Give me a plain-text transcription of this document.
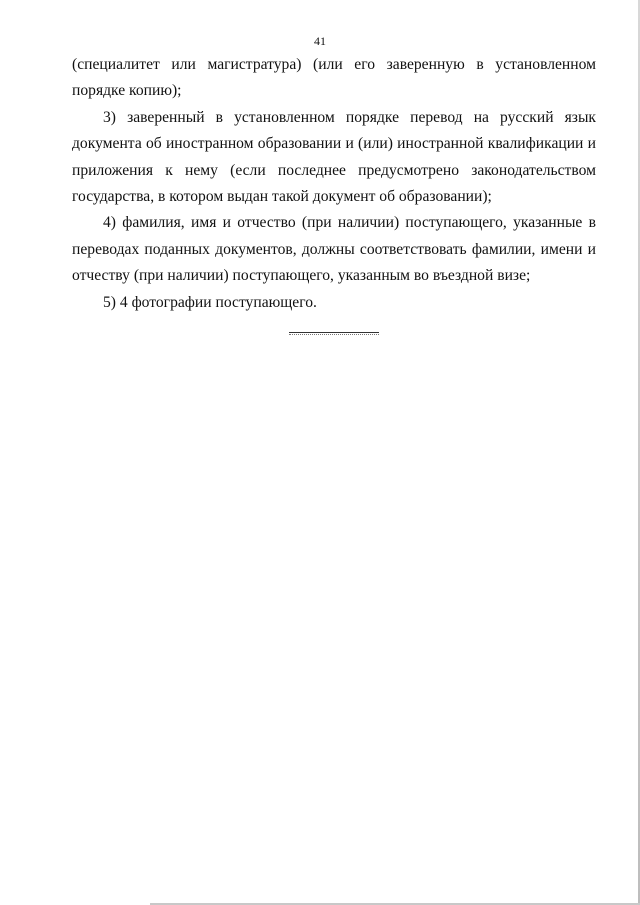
41

(специалитет или магистратура) (или его заверенную в установленном порядке копию);

3) заверенный в установленном порядке перевод на русский язык документа об иностранном образовании и (или) иностранной квалификации и приложения к нему (если последнее предусмотрено законодательством государства, в котором выдан такой документ об образовании);

4) фамилия, имя и отчество (при наличии) поступающего, указанные в переводах поданных документов, должны соответствовать фамилии, имени и отчеству (при наличии) поступающего, указанным во въездной визе;

5) 4 фотографии поступающего.
